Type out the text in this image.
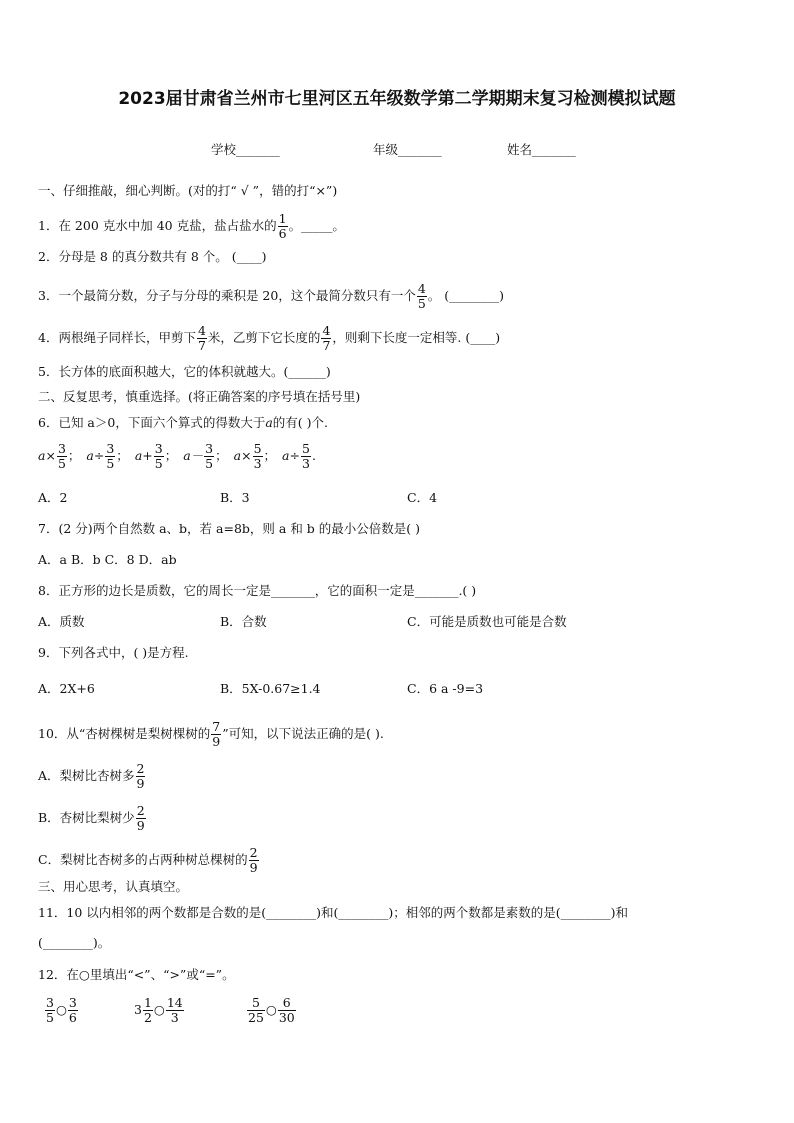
2023届甘肃省兰州市七里河区五年级数学第二学期期末复习检测模拟试题
学校_______	年级_______	姓名_______
一、仔细推敲，细心判断。(对的打“ √ ”，错的打“×”)
1．在 200 克水中加 40 克盐，盐占盐水的 $\frac{1}{6}$ 。_____。
2．分母是 8 的真分数共有 8 个。 (____)
3．一个最简分数，分子与分母的乘积是 20，这个最简分数只有一个 $\frac{4}{5}$ 。 (________)
4．两根绳子同样长，甲剪下 $\frac{4}{7}$ 米，乙剪下它长度的 $\frac{4}{7}$ ，则剩下长度一定相等. (____)
5．长方体的底面积越大，它的体积就越大。(______)
二、反复思考，慎重选择。(将正确答案的序号填在括号里)
6．已知 a＞0，下面六个算式的得数大于a的有( )个.
$a\times \frac{3}{5}$ ； $a\div \frac{3}{5}$ ； $a+ \frac{3}{5}$ ； $a- \frac{3}{5}$ ； $a\times \frac{5}{3}$ ； $a\div \frac{5}{3}$ .
A．2	B．3	C．4
7．(2 分)两个自然数 a、b，若 a=8b，则 a 和 b 的最小公倍数是( )
A．a B．b C．8 D．ab
8．正方形的边长是质数，它的周长一定是_______，它的面积一定是_______.( )
A．质数	B．合数	C．可能是质数也可能是合数
9．下列各式中，( )是方程.
A．2X+6	B．5X-0.67≥1.4	C．6 a -9=3
10．从“杏树棵树是梨树棵树的 $\frac{7}{9}$ ”可知，以下说法正确的是( ).
A．梨树比杏树多 $\frac{2}{9}$
B．杏树比梨树少 $\frac{2}{9}$
C．梨树比杏树多的占两种树总棵树的 $\frac{2}{9}$
三、用心思考，认真填空。
11．10 以内相邻的两个数都是合数的是(________)和(________)；相邻的两个数都是素数的是(________)和
(________)。
12．在○里填出“<”、“>”或“=”。
$\frac{3}{5}$ ○ $\frac{3}{6}$	$3 \frac{1}{2}$ ○ $\frac{14}{3}$	$\frac{5}{25}$ ○ $\frac{6}{30}$
